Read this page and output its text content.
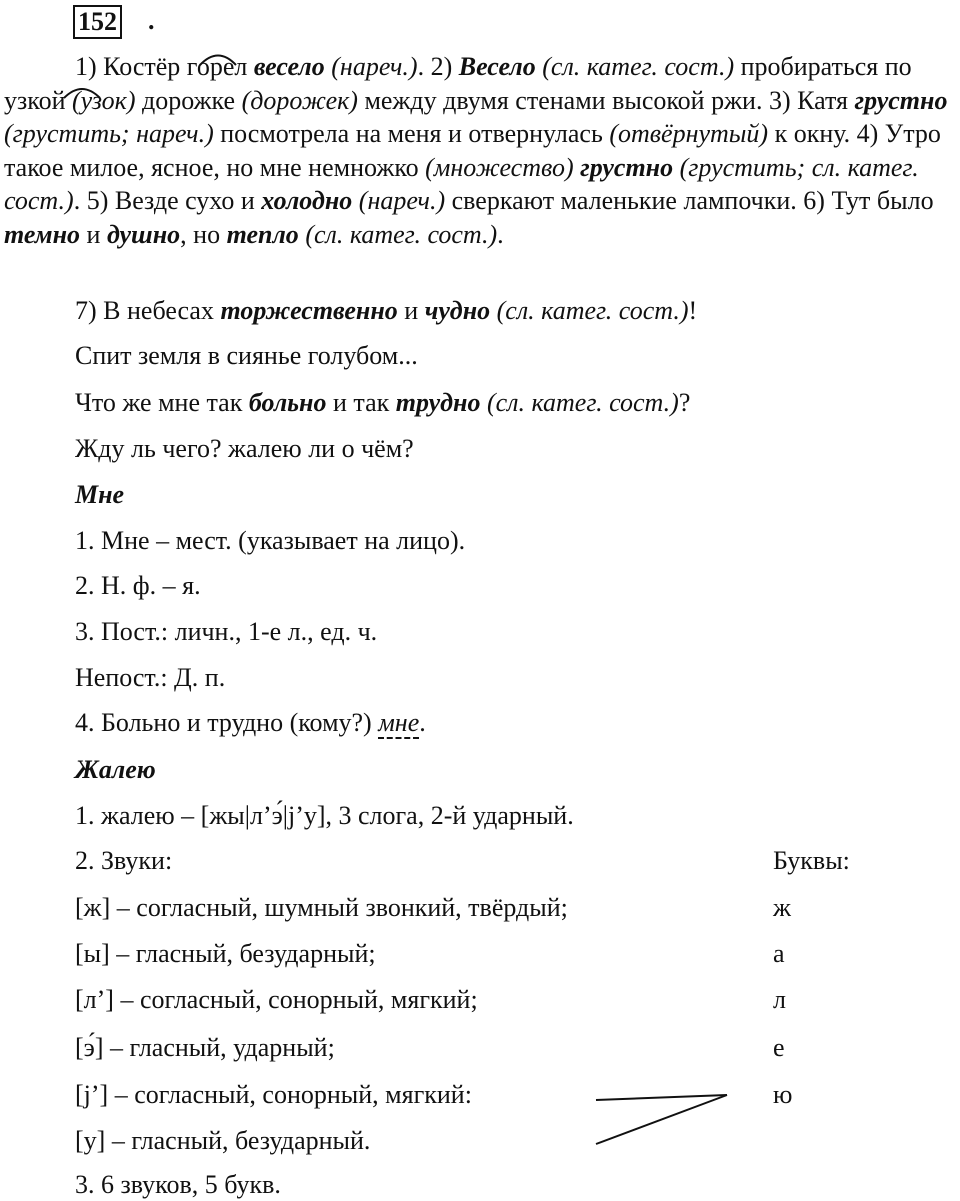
152 .

1) Костёр горел весело (нареч.). 2) Весело (сл. катег. сост.) пробираться по узкой (узок) дорожке (дорожек) между двумя стенами высокой ржи. 3) Катя грустно (грустить; нареч.) посмотрела на меня и отвернулась (отвёрнутый) к окну. 4) Утро такое милое, ясное, но мне немножко (множество) грустно (грустить; сл. катег. сост.). 5) Везде сухо и холодно (нареч.) сверкают маленькие лампочки. 6) Тут было темно и душно, но тепло (сл. катег. сост.).

7) В небесах торжественно и чудно (сл. катег. сост.)!
Спит земля в сиянье голубом...
Что же мне так больно и так трудно (сл. катег. сост.)?
Жду ль чего? жалею ли о чём?
Мне
1. Мне – мест. (указывает на лицо).
2. Н. ф. – я.
3. Пост.: личн., 1-е л., ед. ч.
Непост.: Д. п.
4. Больно и трудно (кому?) мне.
Жалею
1. жалею – [жы|л’э́|j’у], 3 слога, 2-й ударный.
2. Звуки:	Буквы:
[ж] – согласный, шумный звонкий, твёрдый;	ж
[ы] – гласный, безударный;	а
[л’] – согласный, сонорный, мягкий;	л
[э́] – гласный, ударный;	е
[j’] – согласный, сонорный, мягкий:	ю
[у] – гласный, безударный.
3. 6 звуков, 5 букв.
